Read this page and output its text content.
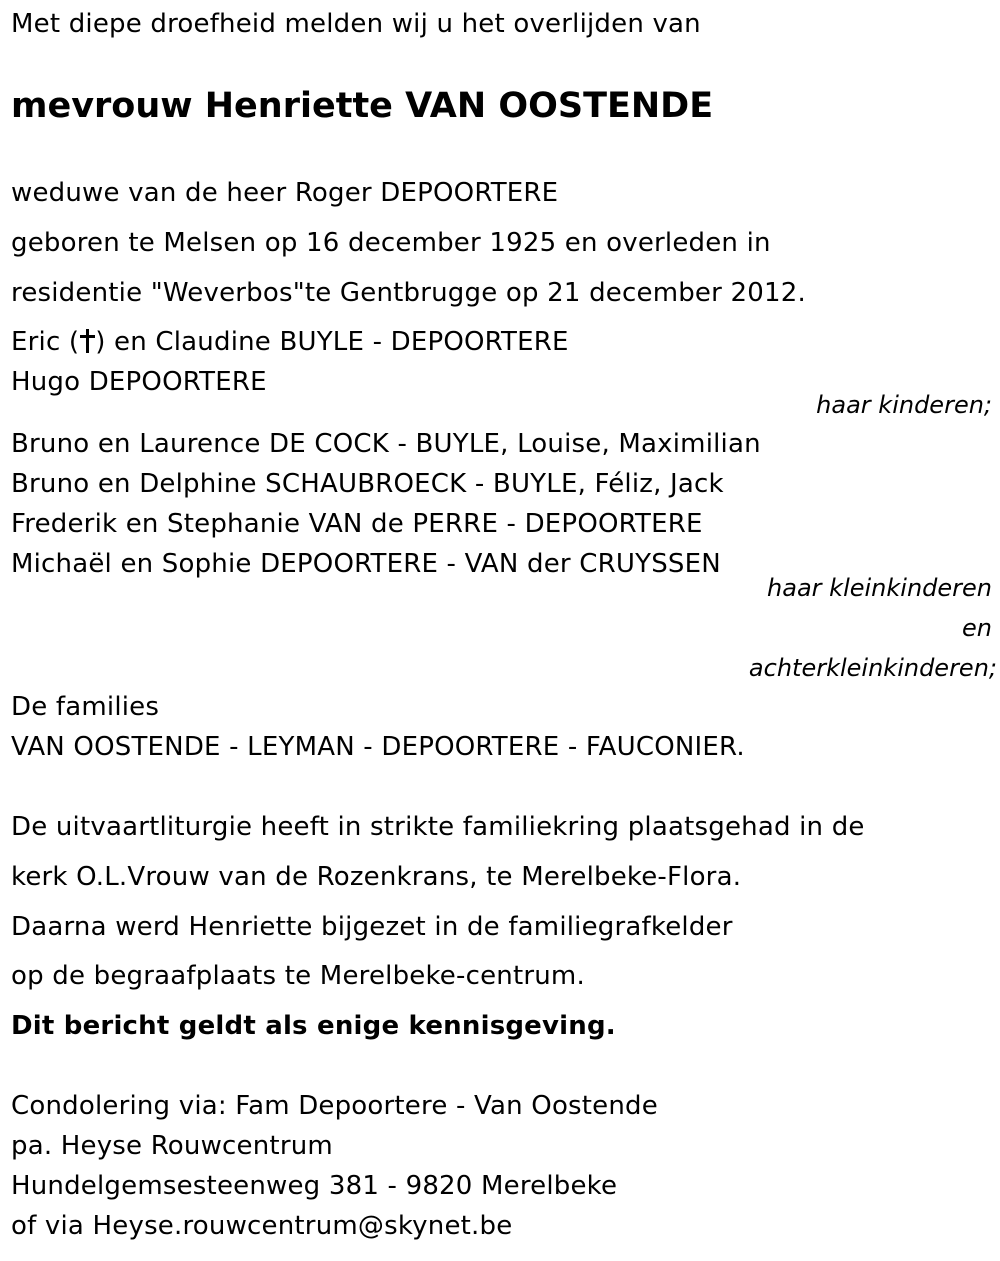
Met diepe droefheid melden wij u het overlijden van
mevrouw Henriette VAN OOSTENDE
weduwe van de heer Roger DEPOORTERE
geboren te Melsen op 16 december 1925 en overleden in
residentie "Weverbos"te Gentbrugge op 21 december 2012.
Eric ( ) en Claudine BUYLE - DEPOORTERE
Hugo DEPOORTERE
haar kinderen;
Bruno en Laurence DE COCK - BUYLE, Louise, Maximilian
Bruno en Delphine SCHAUBROECK - BUYLE, Féliz, Jack
Frederik en Stephanie VAN de PERRE - DEPOORTERE
Michaël en Sophie DEPOORTERE - VAN der CRUYSSEN
haar kleinkinderen
en
achterkleinkinderen;
De families
VAN OOSTENDE - LEYMAN - DEPOORTERE - FAUCONIER.
De uitvaartliturgie heeft in strikte familiekring plaatsgehad in de
kerk O.L.Vrouw van de Rozenkrans, te Merelbeke-Flora.
Daarna werd Henriette bijgezet in de familiegrafkelder
op de begraafplaats te Merelbeke-centrum.
Dit bericht geldt als enige kennisgeving.
Condolering via: Fam Depoortere - Van Oostende
pa. Heyse Rouwcentrum
Hundelgemsesteenweg 381 - 9820 Merelbeke
of via Heyse.rouwcentrum@skynet.be
